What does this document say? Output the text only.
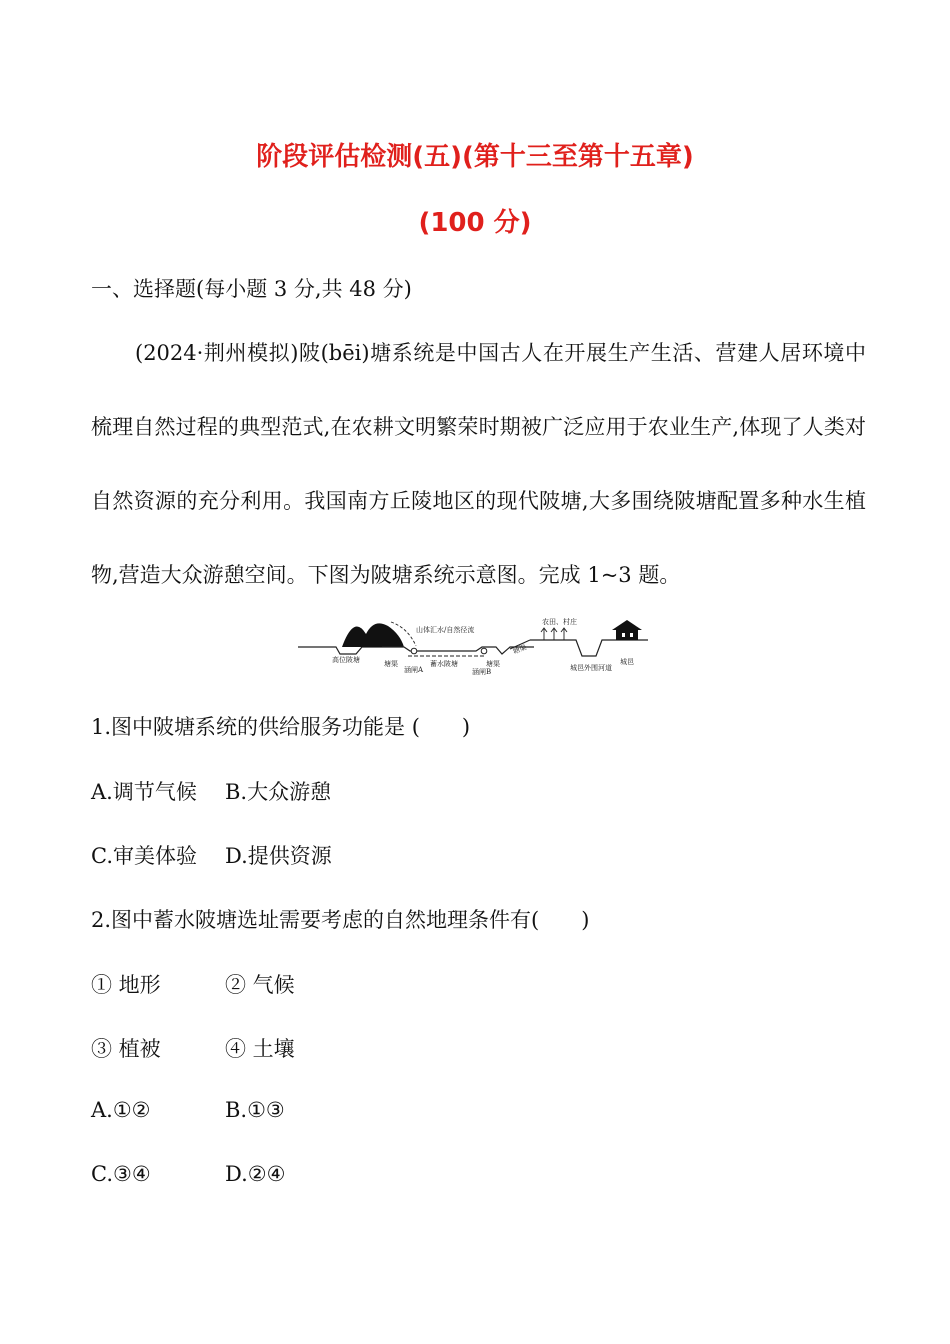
阶段评估检测(五)(第十三至第十五章)
(100 分)
一、选择题(每小题 3 分,共 48 分)
(2024·荆州模拟)陂(bēi)塘系统是中国古人在开展生产生活、营建人居环境中梳理自然过程的典型范式,在农耕文明繁荣时期被广泛应用于农业生产,体现了人类对自然资源的充分利用。我国南方丘陵地区的现代陂塘,大多围绕陂塘配置多种水生植物,营造大众游憩空间。下图为陂塘系统示意图。完成 1~3 题。
山体汇水/自然径流
高位陂塘	塘渠
涵闸A
蓄水陂塘	塘渠
涵闸B
塘渠
农田、村庄
城邑外围河道
城邑
1.图中陂塘系统的供给服务功能是 (　　)
A.调节气候 B.大众游憩
C.审美体验 D.提供资源
2.图中蓄水陂塘选址需要考虑的自然地理条件有(　　)
① 地形	② 气候
③ 植被	④ 土壤
A.①②	B.①③
C.③④	D.②④
